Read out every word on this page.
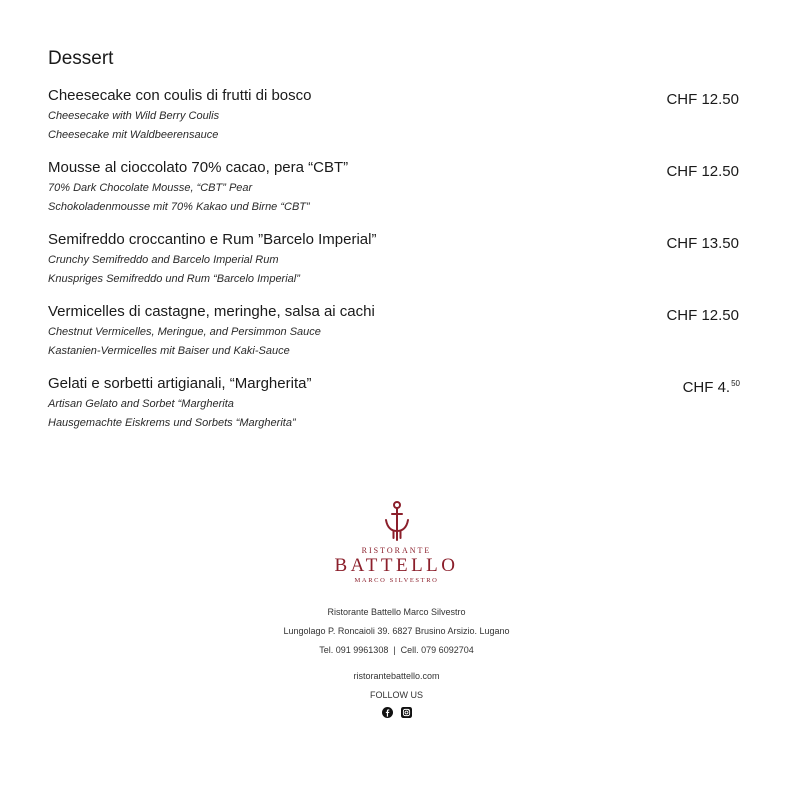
Dessert
Cheesecake con coulis di frutti di bosco	CHF 12.50
Cheesecake with Wild Berry Coulis
Cheesecake mit Waldbeerensauce
Mousse al cioccolato 70% cacao, pera “CBT”	CHF 12.50
70% Dark Chocolate Mousse, “CBT” Pear
Schokoladenmousse mit 70% Kakao und Birne “CBT”
Semifreddo croccantino e Rum ”Barcelo Imperial”	CHF 13.50
Crunchy Semifreddo and Barcelo Imperial Rum
Knuspriges Semifreddo und Rum “Barcelo Imperial”
Vermicelles di castagne, meringhe, salsa ai cachi	CHF 12.50
Chestnut Vermicelles, Meringue, and Persimmon Sauce
Kastanien-Vermicelles mit Baiser und Kaki-Sauce
Gelati e sorbetti artigianali, “Margherita”	CHF 4.50
Artisan Gelato and Sorbet “Margherita
Hausgemachte Eiskrems und Sorbets “Margherita”
RISTORANTE
BATTELLO
MARCO SILVESTRO
Ristorante Battello Marco Silvestro
Lungolago P. Roncaioli 39. 6827 Brusino Arsizio. Lugano
Tel. 091 9961308  |  Cell. 079 6092704
ristorantebattello.com
FOLLOW US
